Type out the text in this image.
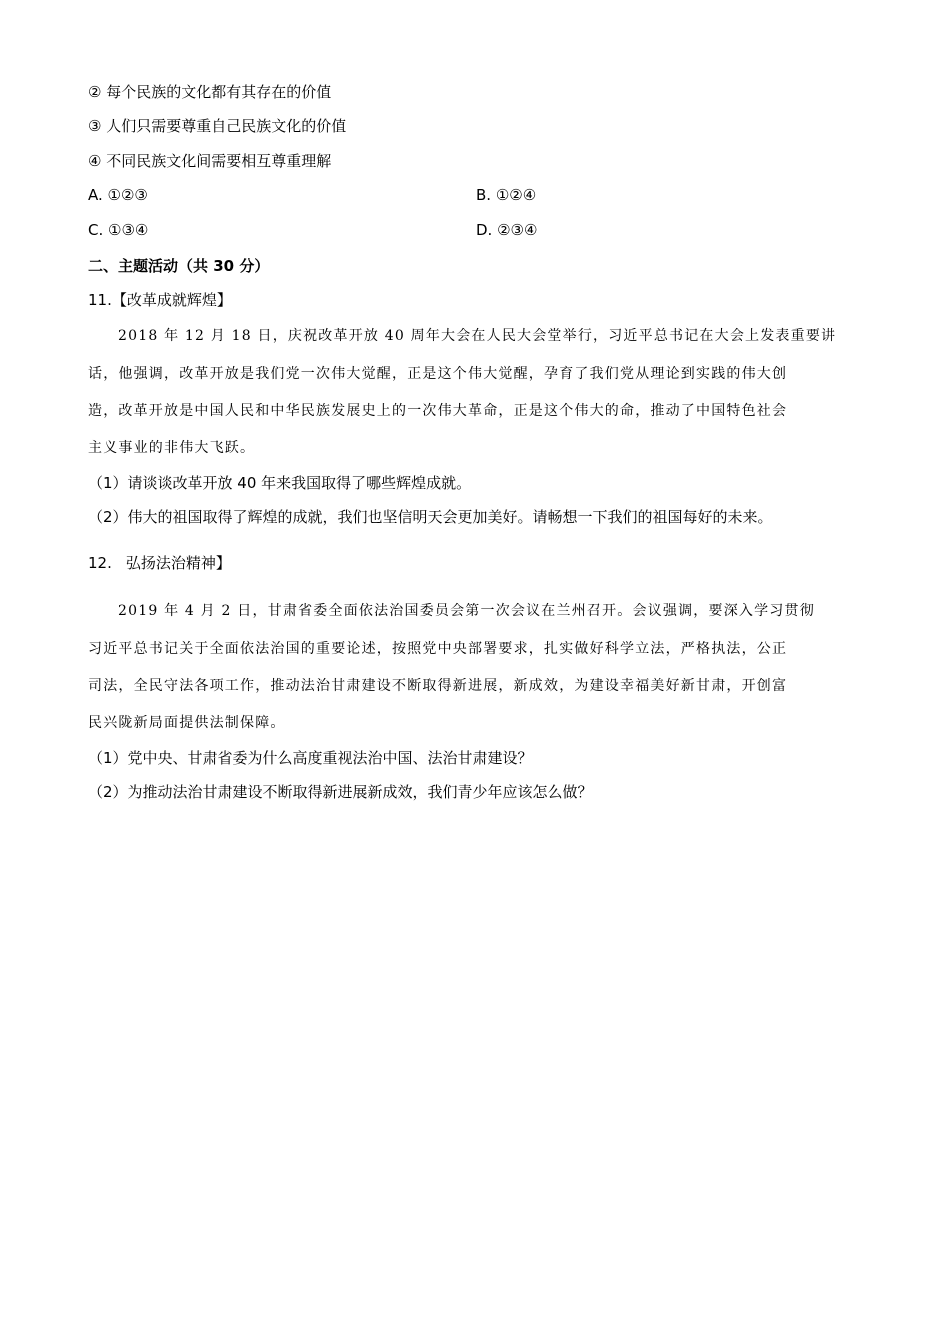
② 每个民族的文化都有其存在的价值
③ 人们只需要尊重自己民族文化的价值
④ 不同民族文化间需要相互尊重理解
A. ①②③	B. ①②④
C. ①③④	D. ②③④
二、主题活动（共 30 分）
11.【改革成就辉煌】
2018 年 12 月 18 日，庆祝改革开放 40 周年大会在人民大会堂举行，习近平总书记在大会上发表重要讲
话，他强调，改革开放是我们党一次伟大觉醒，正是这个伟大觉醒，孕育了我们党从理论到实践的伟大创
造，改革开放是中国人民和中华民族发展史上的一次伟大革命，正是这个伟大的命，推动了中国特色社会
主义事业的非伟大飞跃。
（1）请谈谈改革开放 40 年来我国取得了哪些辉煌成就。
（2）伟大的祖国取得了辉煌的成就，我们也坚信明天会更加美好。请畅想一下我们的祖国每好的未来。
12. 弘扬法治精神】
2019 年 4 月 2 日，甘肃省委全面依法治国委员会第一次会议在兰州召开。会议强调，要深入学习贯彻
习近平总书记关于全面依法治国的重要论述，按照党中央部署要求，扎实做好科学立法，严格执法，公正
司法，全民守法各项工作，推动法治甘肃建设不断取得新进展，新成效，为建设幸福美好新甘肃，开创富
民兴陇新局面提供法制保障。
（1）党中央、甘肃省委为什么高度重视法治中国、法治甘肃建设？
（2）为推动法治甘肃建设不断取得新进展新成效，我们青少年应该怎么做？
